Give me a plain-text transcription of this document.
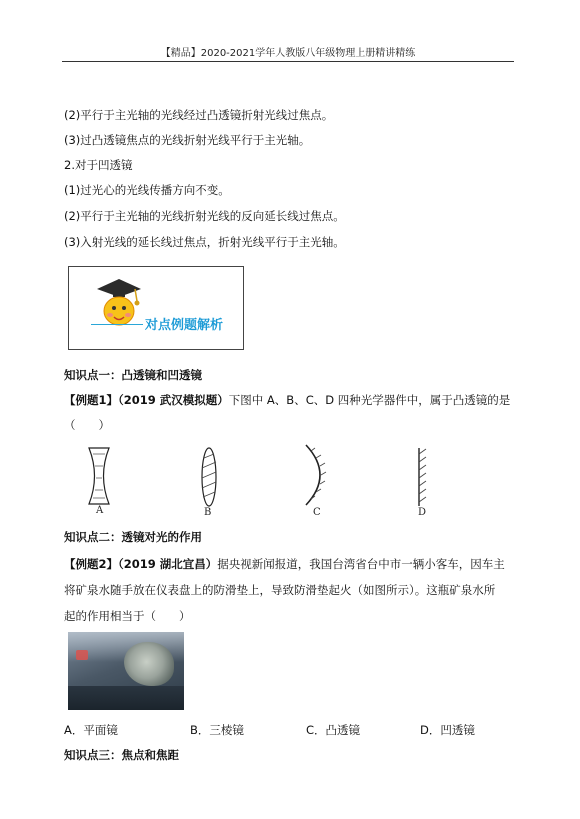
【精品】2020-2021学年人教版八年级物理上册精讲精练
(2)平行于主光轴的光线经过凸透镜折射光线过焦点。
(3)过凸透镜焦点的光线折射光线平行于主光轴。
2.对于凹透镜
(1)过光心的光线传播方向不变。
(2)平行于主光轴的光线折射光线的反向延长线过焦点。
(3)入射光线的延长线过焦点，折射光线平行于主光轴。
对点例题解析
知识点一：凸透镜和凹透镜
【例题1】（2019 武汉模拟题）下图中 A、B、C、D 四种光学器件中，属于凸透镜的是
（　　）
A	B	C	D
知识点二：透镜对光的作用
【例题2】（2019 湖北宜昌）据央视新闻报道，我国台湾省台中市一辆小客车，因车主
将矿泉水随手放在仪表盘上的防滑垫上，导致防滑垫起火（如图所示）。这瓶矿泉水所
起的作用相当于（　　）
A．平面镜	B．三棱镜	C．凸透镜	D．凹透镜
知识点三：焦点和焦距
